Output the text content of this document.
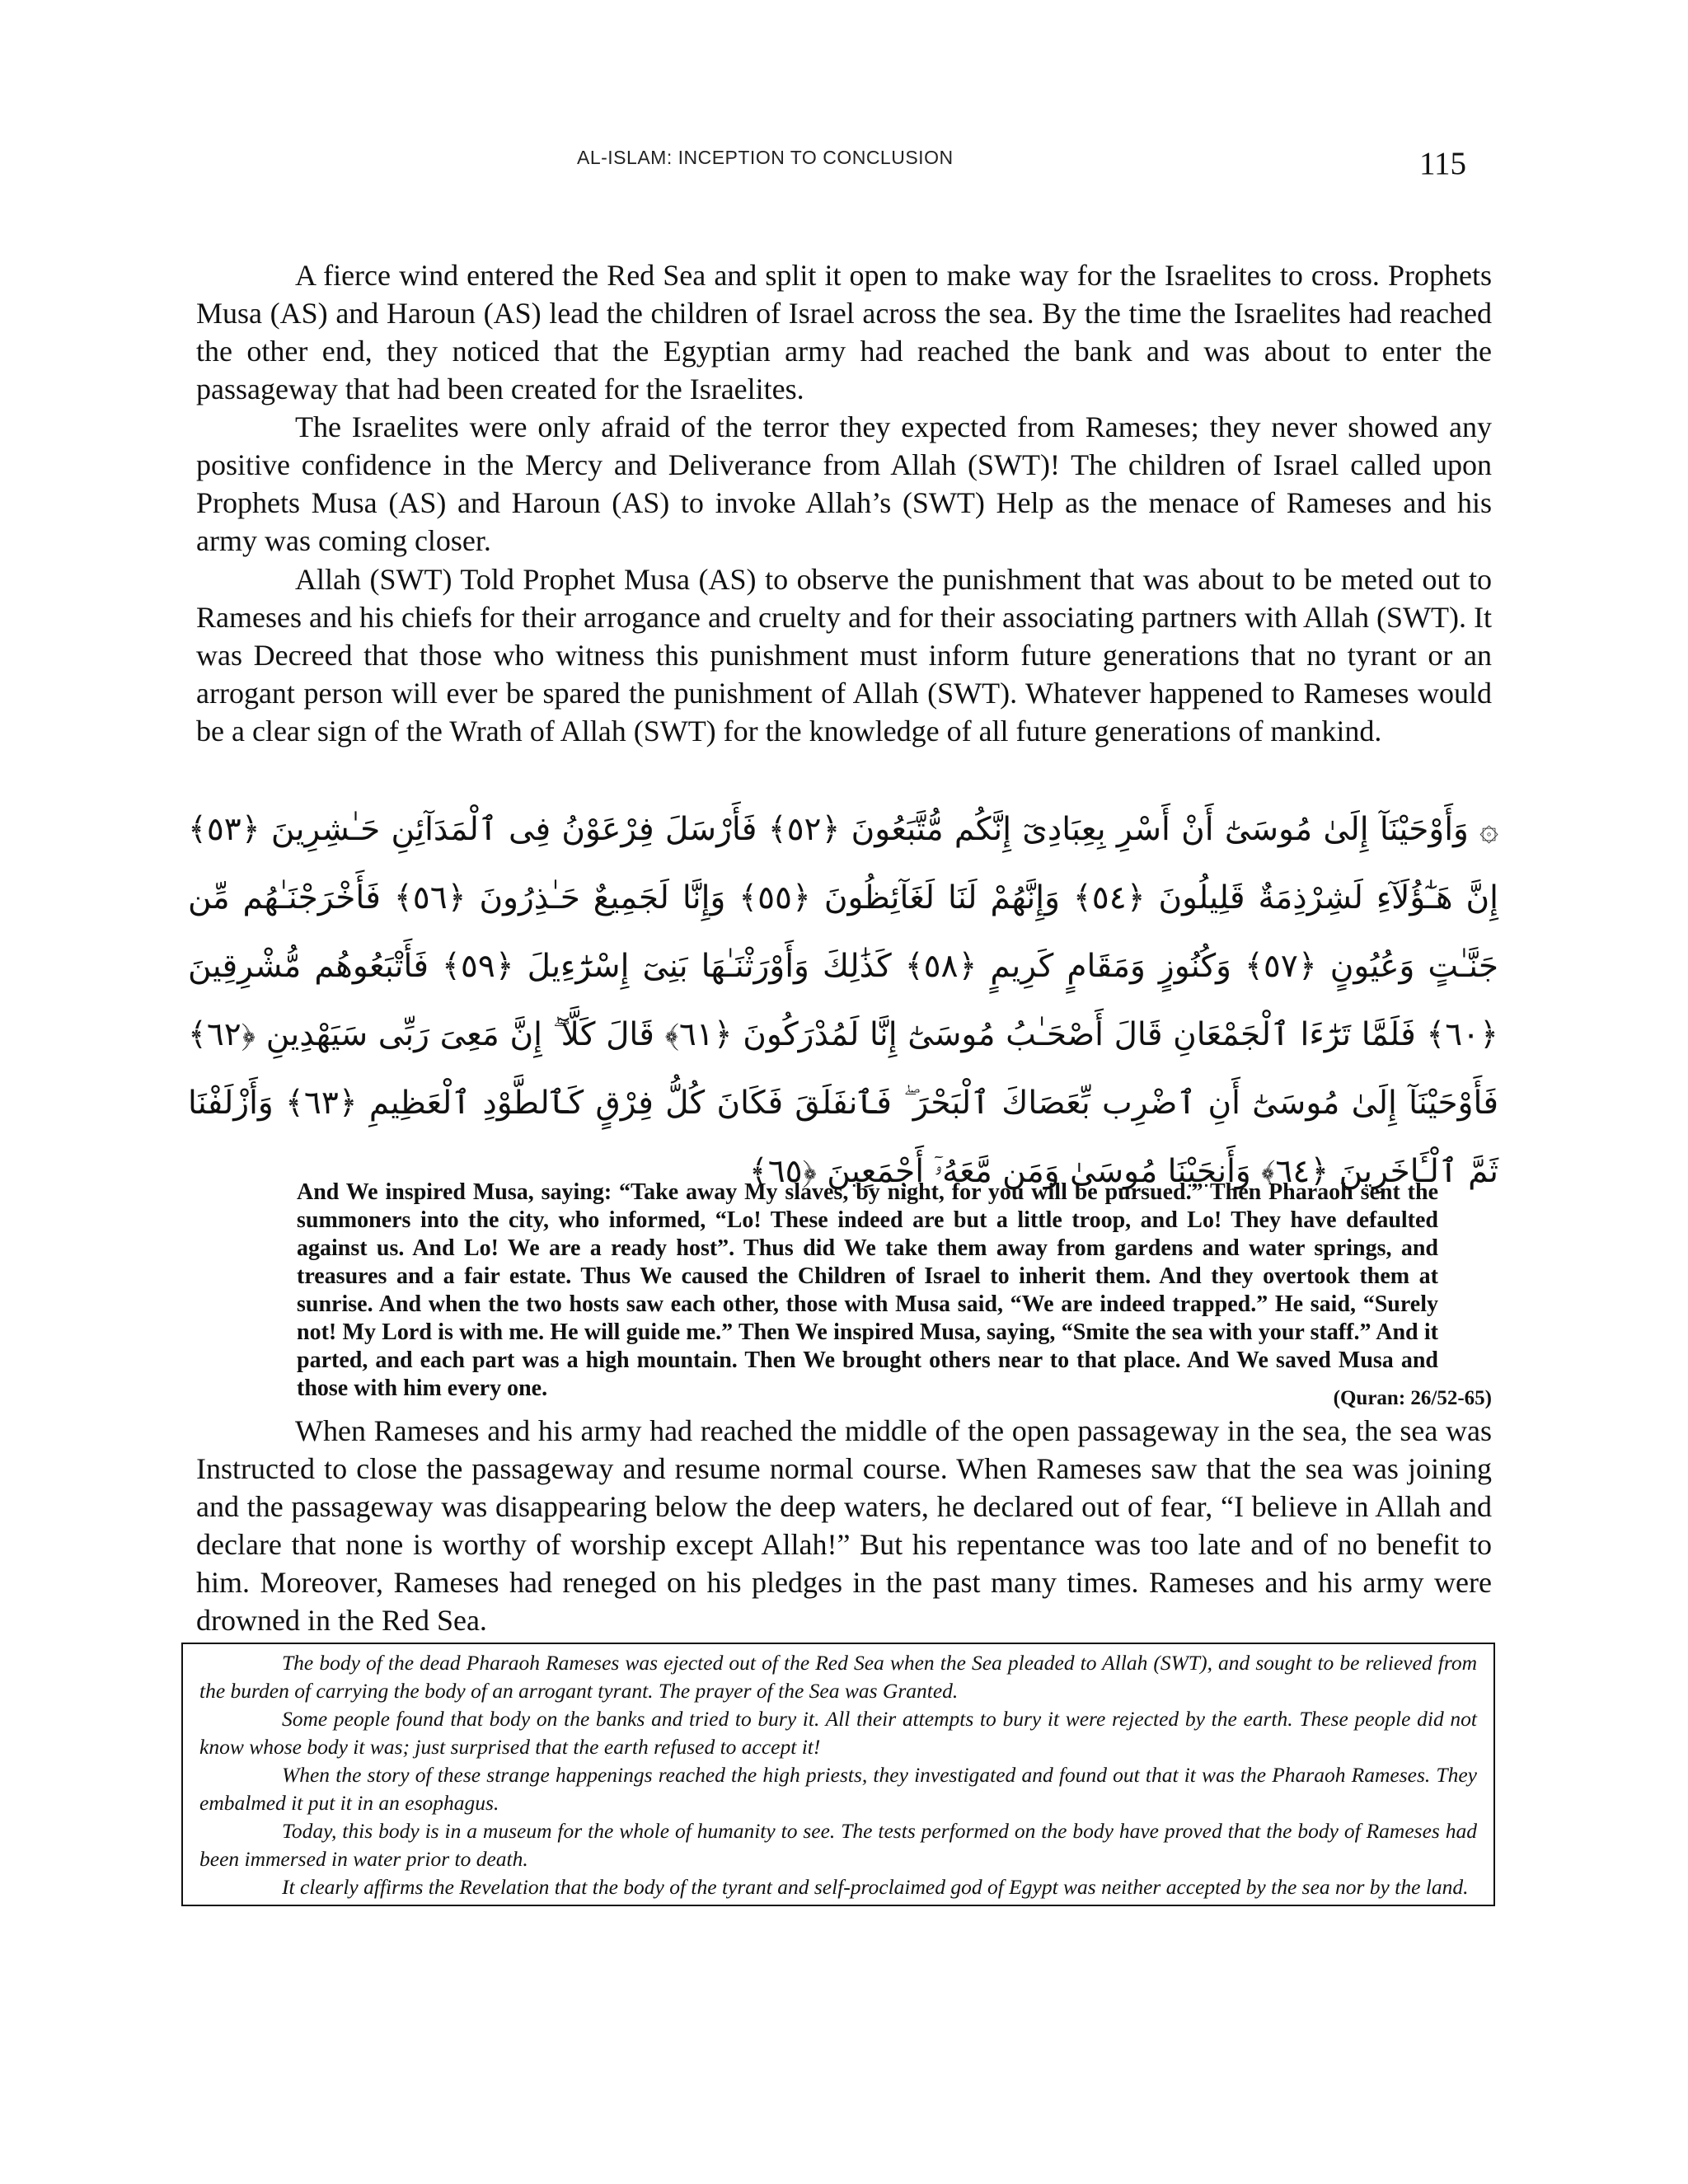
AL-ISLAM: INCEPTION TO CONCLUSION	115

A fierce wind entered the Red Sea and split it open to make way for the Israelites to cross. Prophets Musa (AS) and Haroun (AS) lead the children of Israel across the sea. By the time the Israelites had reached the other end, they noticed that the Egyptian army had reached the bank and was about to enter the passageway that had been created for the Israelites.

The Israelites were only afraid of the terror they expected from Rameses; they never showed any positive confidence in the Mercy and Deliverance from Allah (SWT)! The children of Israel called upon Prophets Musa (AS) and Haroun (AS) to invoke Allah’s (SWT) Help as the menace of Rameses and his army was coming closer.

Allah (SWT) Told Prophet Musa (AS) to observe the punishment that was about to be meted out to Rameses and his chiefs for their arrogance and cruelty and for their associating partners with Allah (SWT). It was Decreed that those who witness this punishment must inform future generations that no tyrant or an arrogant person will ever be spared the punishment of Allah (SWT). Whatever happened to Rameses would be a clear sign of the Wrath of Allah (SWT) for the knowledge of all future generations of mankind.

۞ وَأَوْحَيْنَآ إِلَىٰ مُوسَىٰٓ أَنْ أَسْرِ بِعِبَادِىٓ إِنَّكُم مُّتَّبَعُونَ ﴿٥٢﴾ فَأَرْسَلَ فِرْعَوْنُ فِى ٱلْمَدَآئِنِ حَـٰشِرِينَ ﴿٥٣﴾ إِنَّ هَـٰٓؤُلَآءِ لَشِرْذِمَةٌ قَلِيلُونَ ﴿٥٤﴾ وَإِنَّهُمْ لَنَا لَغَآئِظُونَ ﴿٥٥﴾ وَإِنَّا لَجَمِيعٌ حَـٰذِرُونَ ﴿٥٦﴾ فَأَخْرَجْنَـٰهُم مِّن جَنَّـٰتٍ وَعُيُونٍ ﴿٥٧﴾ وَكُنُوزٍ وَمَقَامٍ كَرِيمٍ ﴿٥٨﴾ كَذَٰلِكَ وَأَوْرَثْنَـٰهَا بَنِىٓ إِسْرَٰٓءِيلَ ﴿٥٩﴾ فَأَتْبَعُوهُم مُّشْرِقِينَ ﴿٦٠﴾ فَلَمَّا تَرَٰٓءَا ٱلْجَمْعَانِ قَالَ أَصْحَـٰبُ مُوسَىٰٓ إِنَّا لَمُدْرَكُونَ ﴿٦١﴾ قَالَ كَلَّآ ۖ إِنَّ مَعِىَ رَبِّى سَيَهْدِينِ ﴿٦٢﴾ فَأَوْحَيْنَآ إِلَىٰ مُوسَىٰٓ أَنِ ٱضْرِب بِّعَصَاكَ ٱلْبَحْرَ ۖ فَٱنفَلَقَ فَكَانَ كُلُّ فِرْقٍ كَٱلطَّوْدِ ٱلْعَظِيمِ ﴿٦٣﴾ وَأَزْلَفْنَا ثَمَّ ٱلْـَٔاخَرِينَ ﴿٦٤﴾ وَأَنجَيْنَا مُوسَىٰ وَمَن مَّعَهُۥٓ أَجْمَعِينَ ﴿٦٥﴾

And We inspired Musa, saying: “Take away My slaves, by night, for you will be pursued.” Then Pharaoh sent the summoners into the city, who informed, “Lo! These indeed are but a little troop, and Lo! They have defaulted against us. And Lo! We are a ready host”. Thus did We take them away from gardens and water springs, and treasures and a fair estate. Thus We caused the Children of Israel to inherit them. And they overtook them at sunrise. And when the two hosts saw each other, those with Musa said, “We are indeed trapped.” He said, “Surely not! My Lord is with me. He will guide me.” Then We inspired Musa, saying, “Smite the sea with your staff.” And it parted, and each part was a high mountain. Then We brought others near to that place. And We saved Musa and those with him every one.	(Quran: 26/52-65)

When Rameses and his army had reached the middle of the open passageway in the sea, the sea was Instructed to close the passageway and resume normal course. When Rameses saw that the sea was joining and the passageway was disappearing below the deep waters, he declared out of fear, “I believe in Allah and declare that none is worthy of worship except Allah!” But his repentance was too late and of no benefit to him. Moreover, Rameses had reneged on his pledges in the past many times. Rameses and his army were drowned in the Red Sea.

The body of the dead Pharaoh Rameses was ejected out of the Red Sea when the Sea pleaded to Allah (SWT), and sought to be relieved from the burden of carrying the body of an arrogant tyrant. The prayer of the Sea was Granted.

Some people found that body on the banks and tried to bury it. All their attempts to bury it were rejected by the earth. These people did not know whose body it was; just surprised that the earth refused to accept it!

When the story of these strange happenings reached the high priests, they investigated and found out that it was the Pharaoh Rameses. They embalmed it put it in an esophagus.

Today, this body is in a museum for the whole of humanity to see. The tests performed on the body have proved that the body of Rameses had been immersed in water prior to death.

It clearly affirms the Revelation that the body of the tyrant and self-proclaimed god of Egypt was neither accepted by the sea nor by the land.
